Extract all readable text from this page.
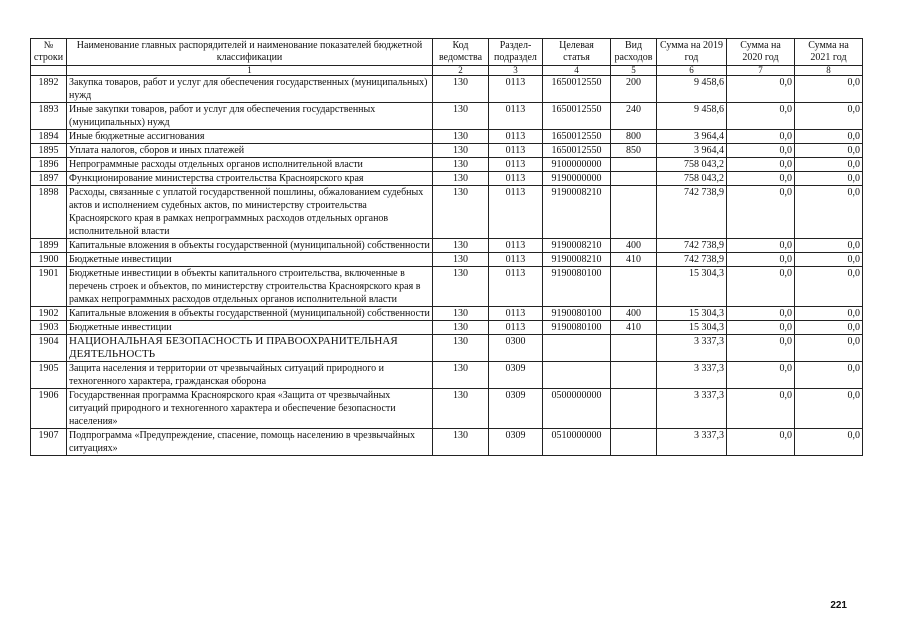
№
строки	Наименование главных распорядителей и наименование показателей бюджетной классификации	Код ведомства	Раздел-подраздел	Целевая статья	Вид расходов	Сумма на 2019 год	Сумма на 2020 год	Сумма на 2021 год
	1	2	3	4	5	6	7	8
1892	Закупка товаров, работ и услуг для обеспечения государственных (муниципальных) нужд	130	0113	1650012550	200	9 458,6	0,0	0,0
1893	Иные закупки товаров, работ и услуг для обеспечения государственных (муниципальных) нужд	130	0113	1650012550	240	9 458,6	0,0	0,0
1894	Иные бюджетные ассигнования	130	0113	1650012550	800	3 964,4	0,0	0,0
1895	Уплата налогов, сборов и иных платежей	130	0113	1650012550	850	3 964,4	0,0	0,0
1896	Непрограммные расходы отдельных органов исполнительной власти	130	0113	9100000000		758 043,2	0,0	0,0
1897	Функционирование министерства строительства Красноярского края	130	0113	9190000000		758 043,2	0,0	0,0
1898	Расходы, связанные с уплатой государственной пошлины, обжалованием судебных актов и исполнением судебных актов, по министерству строительства Красноярского края в рамках непрограммных расходов отдельных органов исполнительной власти	130	0113	9190008210		742 738,9	0,0	0,0
1899	Капитальные вложения в объекты государственной (муниципальной) собственности	130	0113	9190008210	400	742 738,9	0,0	0,0
1900	Бюджетные инвестиции	130	0113	9190008210	410	742 738,9	0,0	0,0
1901	Бюджетные инвестиции в объекты капитального строительства, включенные в перечень строек и объектов, по министерству строительства Красноярского края в рамках непрограммных расходов отдельных органов исполнительной власти	130	0113	9190080100		15 304,3	0,0	0,0
1902	Капитальные вложения в объекты государственной (муниципальной) собственности	130	0113	9190080100	400	15 304,3	0,0	0,0
1903	Бюджетные инвестиции	130	0113	9190080100	410	15 304,3	0,0	0,0
1904	НАЦИОНАЛЬНАЯ БЕЗОПАСНОСТЬ И ПРАВООХРАНИТЕЛЬНАЯ ДЕЯТЕЛЬНОСТЬ	130	0300			3 337,3	0,0	0,0
1905	Защита населения и территории от чрезвычайных ситуаций природного и техногенного характера, гражданская оборона	130	0309			3 337,3	0,0	0,0
1906	Государственная программа Красноярского края «Защита от чрезвычайных ситуаций природного и техногенного характера и обеспечение безопасности населения»	130	0309	0500000000		3 337,3	0,0	0,0
1907	Подпрограмма «Предупреждение, спасение, помощь населению в чрезвычайных ситуациях»	130	0309	0510000000		3 337,3	0,0	0,0
221
